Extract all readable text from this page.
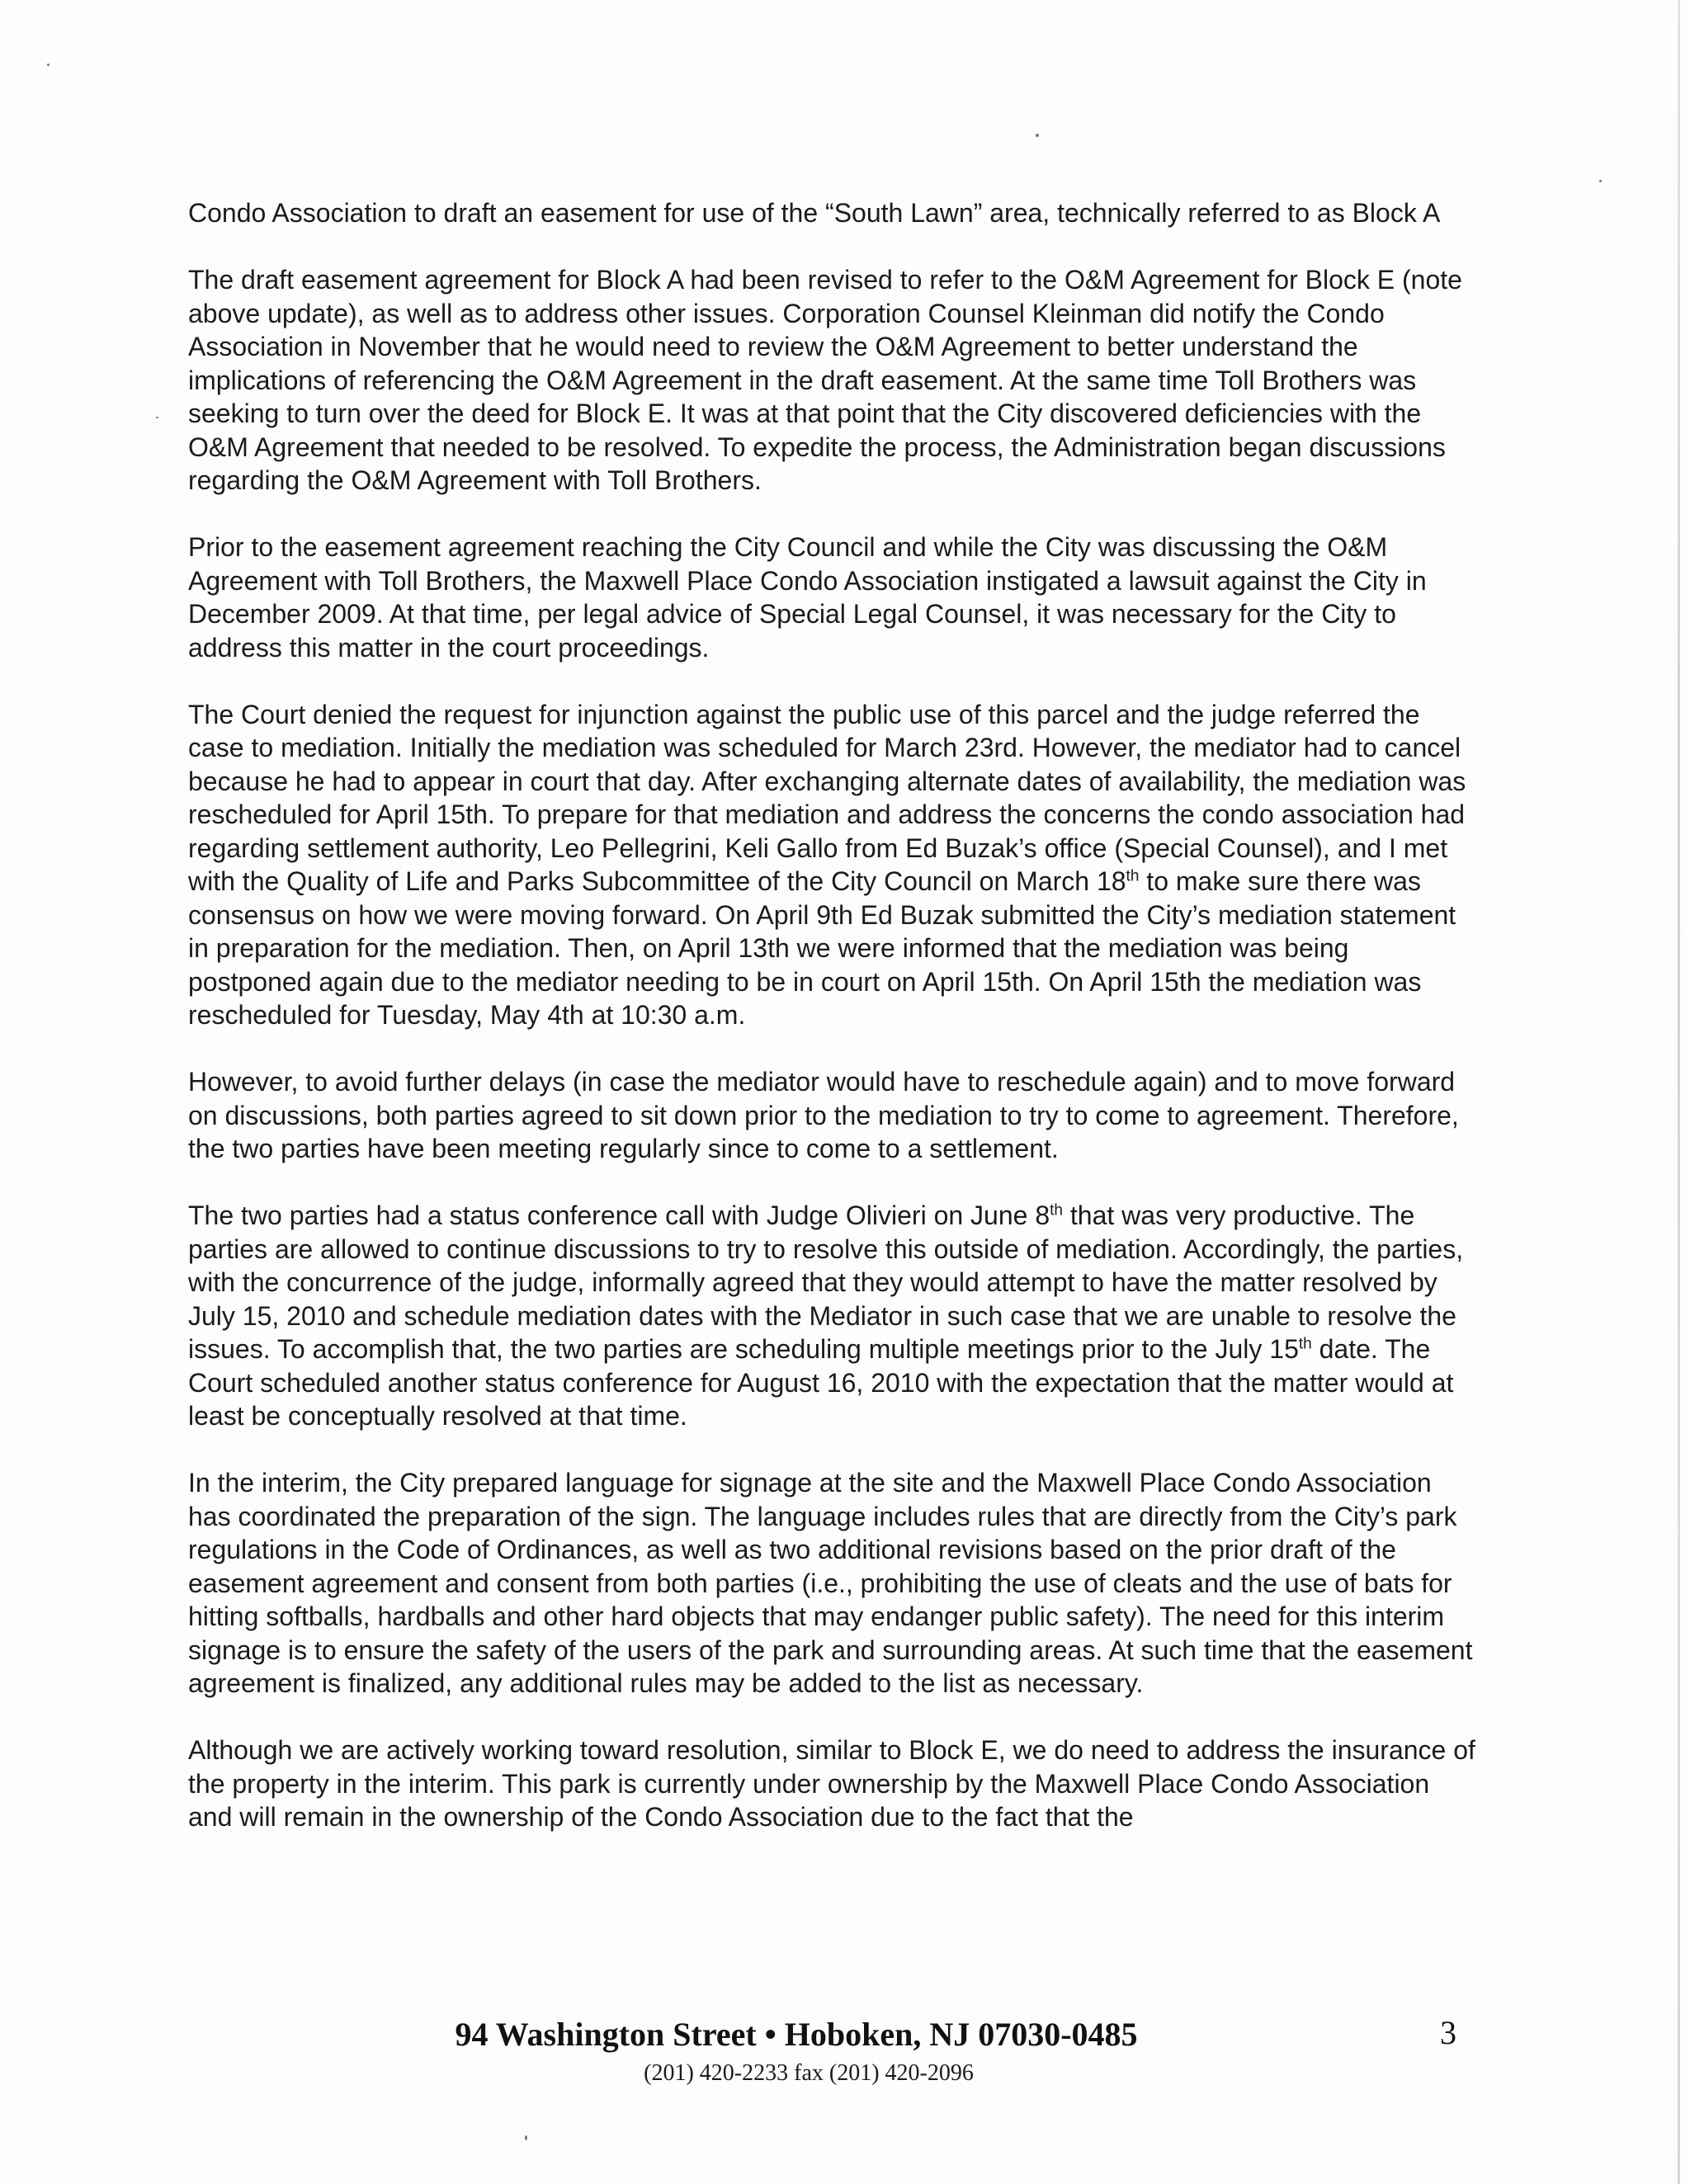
Condo Association to draft an easement for use of the “South Lawn” area, technically referred to as Block A

The draft easement agreement for Block A had been revised to refer to the O&M Agreement for Block E (note above update), as well as to address other issues. Corporation Counsel Kleinman did notify the Condo Association in November that he would need to review the O&M Agreement to better understand the implications of referencing the O&M Agreement in the draft easement. At the same time Toll Brothers was seeking to turn over the deed for Block E. It was at that point that the City discovered deficiencies with the O&M Agreement that needed to be resolved. To expedite the process, the Administration began discussions regarding the O&M Agreement with Toll Brothers.

Prior to the easement agreement reaching the City Council and while the City was discussing the O&M Agreement with Toll Brothers, the Maxwell Place Condo Association instigated a lawsuit against the City in December 2009. At that time, per legal advice of Special Legal Counsel, it was necessary for the City to address this matter in the court proceedings.

The Court denied the request for injunction against the public use of this parcel and the judge referred the case to mediation. Initially the mediation was scheduled for March 23rd. However, the mediator had to cancel because he had to appear in court that day. After exchanging alternate dates of availability, the mediation was rescheduled for April 15th. To prepare for that mediation and address the concerns the condo association had regarding settlement authority, Leo Pellegrini, Keli Gallo from Ed Buzak’s office (Special Counsel), and I met with the Quality of Life and Parks Subcommittee of the City Council on March 18th to make sure there was consensus on how we were moving forward. On April 9th Ed Buzak submitted the City’s mediation statement in preparation for the mediation. Then, on April 13th we were informed that the mediation was being postponed again due to the mediator needing to be in court on April 15th. On April 15th the mediation was rescheduled for Tuesday, May 4th at 10:30 a.m.

However, to avoid further delays (in case the mediator would have to reschedule again) and to move forward on discussions, both parties agreed to sit down prior to the mediation to try to come to agreement. Therefore, the two parties have been meeting regularly since to come to a settlement.

The two parties had a status conference call with Judge Olivieri on June 8th that was very productive. The parties are allowed to continue discussions to try to resolve this outside of mediation. Accordingly, the parties, with the concurrence of the judge, informally agreed that they would attempt to have the matter resolved by July 15, 2010 and schedule mediation dates with the Mediator in such case that we are unable to resolve the issues. To accomplish that, the two parties are scheduling multiple meetings prior to the July 15th date. The Court scheduled another status conference for August 16, 2010 with the expectation that the matter would at least be conceptually resolved at that time.

In the interim, the City prepared language for signage at the site and the Maxwell Place Condo Association has coordinated the preparation of the sign. The language includes rules that are directly from the City’s park regulations in the Code of Ordinances, as well as two additional revisions based on the prior draft of the easement agreement and consent from both parties (i.e., prohibiting the use of cleats and the use of bats for hitting softballs, hardballs and other hard objects that may endanger public safety). The need for this interim signage is to ensure the safety of the users of the park and surrounding areas. At such time that the easement agreement is finalized, any additional rules may be added to the list as necessary.

Although we are actively working toward resolution, similar to Block E, we do need to address the insurance of the property in the interim. This park is currently under ownership by the Maxwell Place Condo Association and will remain in the ownership of the Condo Association due to the fact that the

94 Washington Street • Hoboken, NJ 07030-0485
(201) 420-2233 fax (201) 420-2096
3
